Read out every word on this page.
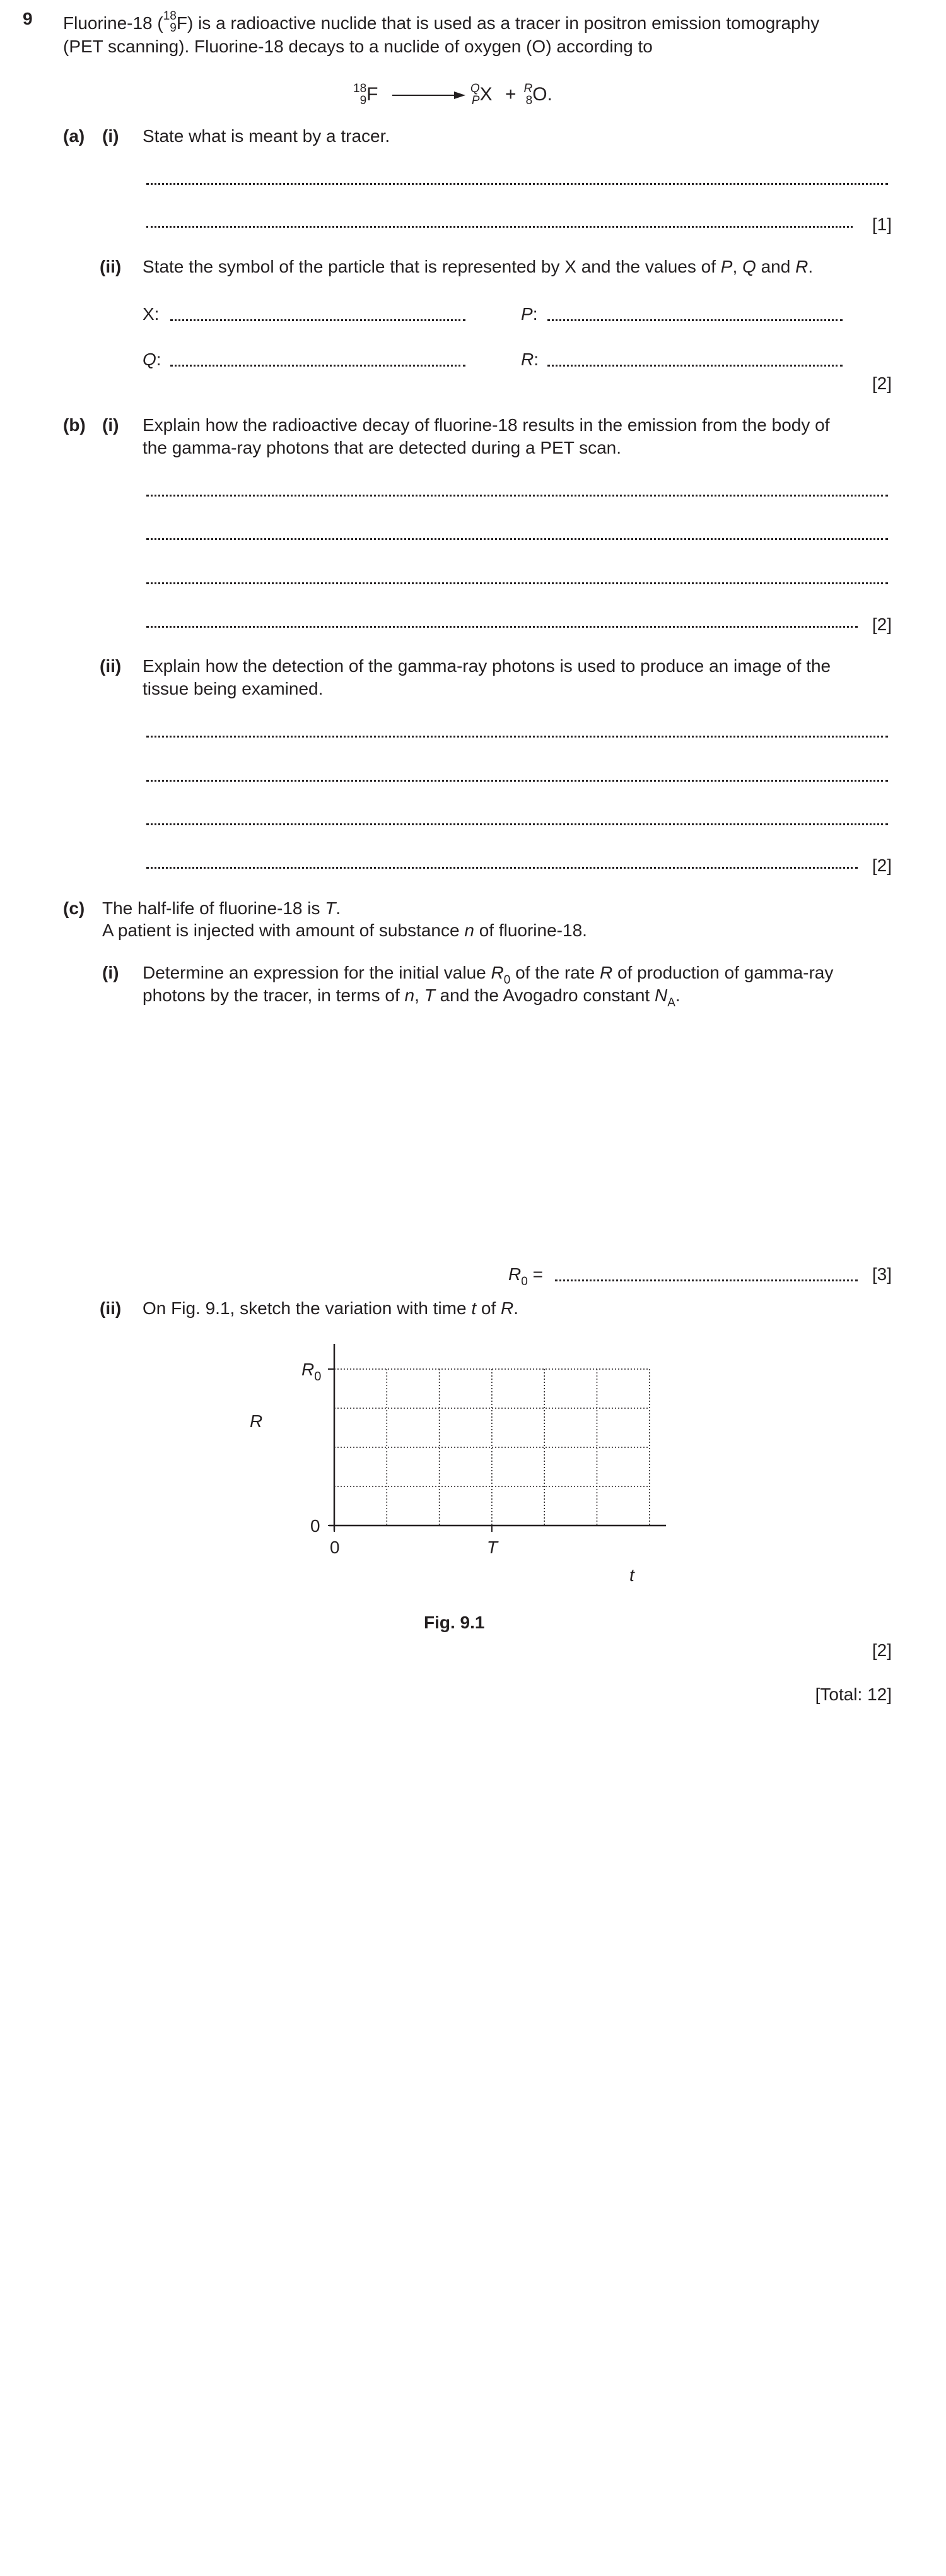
9 Fluorine-18 ( 18
9 F) is a radioactive nuclide that is used as a tracer in positron emission tomography
(PET scanning). Fluorine-18 decays to a nuclide of oxygen (O) according to
18
9 F →
Q
P X + R
8 O.
(a) (i) State what is meant by a tracer.
[1]
(ii) State the symbol of the particle that is represented by X and the values of P, Q and R.
X:	P:
Q:	R:
[2]
(b) (i) Explain how the radioactive decay of fluorine-18 results in the emission from the body of
the gamma-ray photons that are detected during a PET scan.
[2]
(ii) Explain how the detection of the gamma-ray photons is used to produce an image of the
tissue being examined.
[2]
(c) The half-life of fluorine-18 is T.
A patient is injected with amount of substance n of fluorine-18.
(i) Determine an expression for the initial value $R_0$ of the rate R of production of gamma-ray
photons by the tracer, in terms of n, T and the Avogadro constant $N_A$.
$R_0$ =	[3]
(ii) On Fig. 9.1, sketch the variation with time t of R.
$R_0$
0
0	T
R
t
Fig. 9.1
[2]
[Total: 12]
